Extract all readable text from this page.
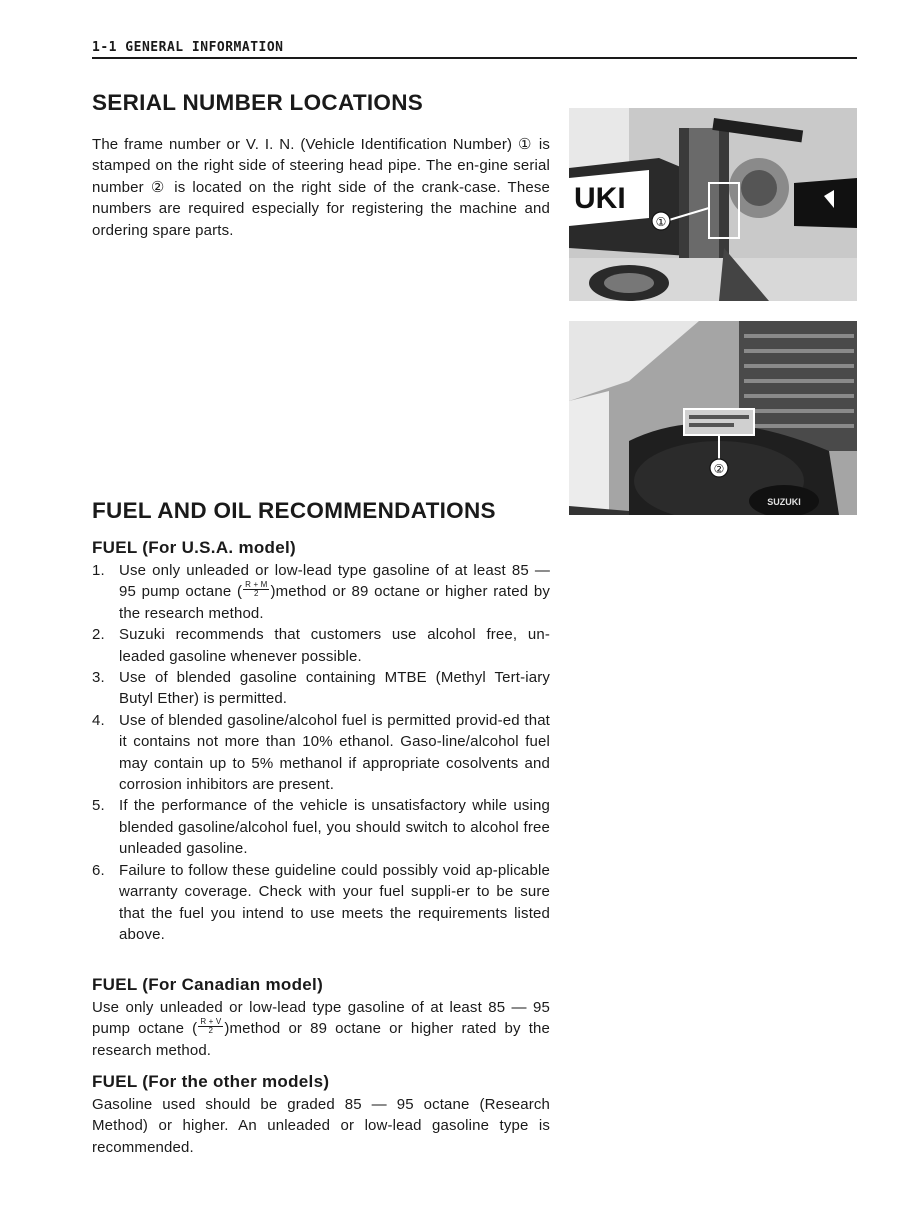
1-1 GENERAL INFORMATION
SERIAL NUMBER LOCATIONS
The frame number or V. I. N. (Vehicle Identification Number) ① is stamped on the right side of steering head pipe. The en-gine serial number ② is located on the right side of the crank-case. These numbers are required especially for registering the machine and ordering spare parts.
UKI
①
SUZUKI
②
FUEL AND OIL RECOMMENDATIONS
FUEL (For U.S.A. model)
1. Use only unleaded or low-lead type gasoline of at least 85 — 95 pump octane ( $\frac{R + M}{2}$ )method or 89 octane or higher rated by the research method.
2. Suzuki recommends that customers use alcohol free, un-leaded gasoline whenever possible.
3. Use of blended gasoline containing MTBE (Methyl Tert-iary Butyl Ether) is permitted.
4. Use of blended gasoline/alcohol fuel is permitted provid-ed that it contains not more than 10% ethanol. Gaso-line/alcohol fuel may contain up to 5% methanol if appropriate cosolvents and corrosion inhibitors are present.
5. If the performance of the vehicle is unsatisfactory while using blended gasoline/alcohol fuel, you should switch to alcohol free unleaded gasoline.
6. Failure to follow these guideline could possibly void ap-plicable warranty coverage. Check with your fuel suppli-er to be sure that the fuel you intend to use meets the requirements listed above.
FUEL (For Canadian model)
Use only unleaded or low-lead type gasoline of at least 85 — 95 pump octane ( $\frac{R + V}{2}$ )method or 89 octane or higher rated by the research method.
FUEL (For the other models)
Gasoline used should be graded 85 — 95 octane (Research Method) or higher. An unleaded or low-lead gasoline type is recommended.
